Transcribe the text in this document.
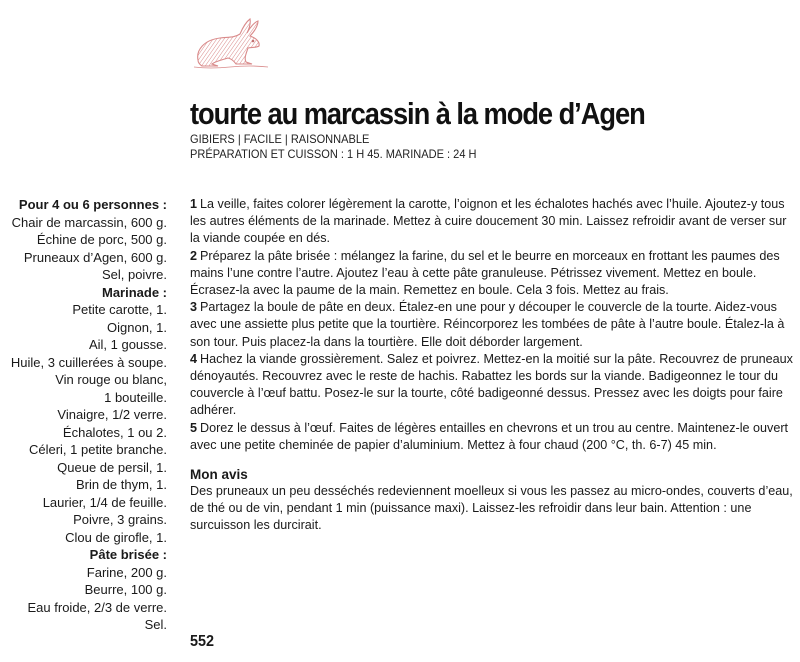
tourte au marcassin à la mode d’Agen
GIBIERS | FACILE | RAISONNABLE
PRÉPARATION ET CUISSON : 1 H 45. MARINADE : 24 H
Pour 4 ou 6 personnes :
Chair de marcassin, 600 g.
Échine de porc, 500 g.
Pruneaux d’Agen, 600 g.
Sel, poivre.
Marinade :
Petite carotte, 1.
Oignon, 1.
Ail, 1 gousse.
Huile, 3 cuillerées à soupe.
Vin rouge ou blanc,
1 bouteille.
Vinaigre, 1/2 verre.
Échalotes, 1 ou 2.
Céleri, 1 petite branche.
Queue de persil, 1.
Brin de thym, 1.
Laurier, 1/4 de feuille.
Poivre, 3 grains.
Clou de girofle, 1.
Pâte brisée :
Farine, 200 g.
Beurre, 100 g.
Eau froide, 2/3 de verre.
Sel.

1 La veille, faites colorer légèrement la carotte, l’oignon et les échalotes hachés avec l’huile. Ajoutez-y tous les autres éléments de la marinade. Mettez à cuire doucement 30 min. Laissez refroidir avant de verser sur la viande coupée en dés.

2 Préparez la pâte brisée : mélangez la farine, du sel et le beurre en morceaux en frottant les paumes des mains l’une contre l’autre. Ajoutez l’eau à cette pâte granuleuse. Pétrissez vivement. Mettez en boule. Écrasez-la avec la paume de la main. Remettez en boule. Cela 3 fois. Mettez au frais.

3 Partagez la boule de pâte en deux. Étalez-en une pour y découper le couvercle de la tourte. Aidez-vous avec une assiette plus petite que la tourtière. Réincorporez les tombées de pâte à l’autre boule. Étalez-la à son tour. Puis placez-la dans la tourtière. Elle doit déborder largement.

4 Hachez la viande grossièrement. Salez et poivrez. Mettez-en la moitié sur la pâte. Recouvrez de pruneaux dénoyautés. Recouvrez avec le reste de hachis. Rabattez les bords sur la viande. Badigeonnez le tour du couvercle à l’œuf battu. Posez-le sur la tourte, côté badigeonné dessus. Pressez avec les doigts pour faire adhérer.

5 Dorez le dessus à l’œuf. Faites de légères entailles en chevrons et un trou au centre. Maintenez-le ouvert avec une petite cheminée de papier d’aluminium. Mettez à four chaud (200 °C, th. 6-7) 45 min.

Mon avis

Des pruneaux un peu desséchés redeviennent moelleux si vous les passez au micro-ondes, couverts d’eau, de thé ou de vin, pendant 1 min (puissance maxi). Laissez-les refroidir dans leur bain. Attention : une surcuisson les durcirait.

552
